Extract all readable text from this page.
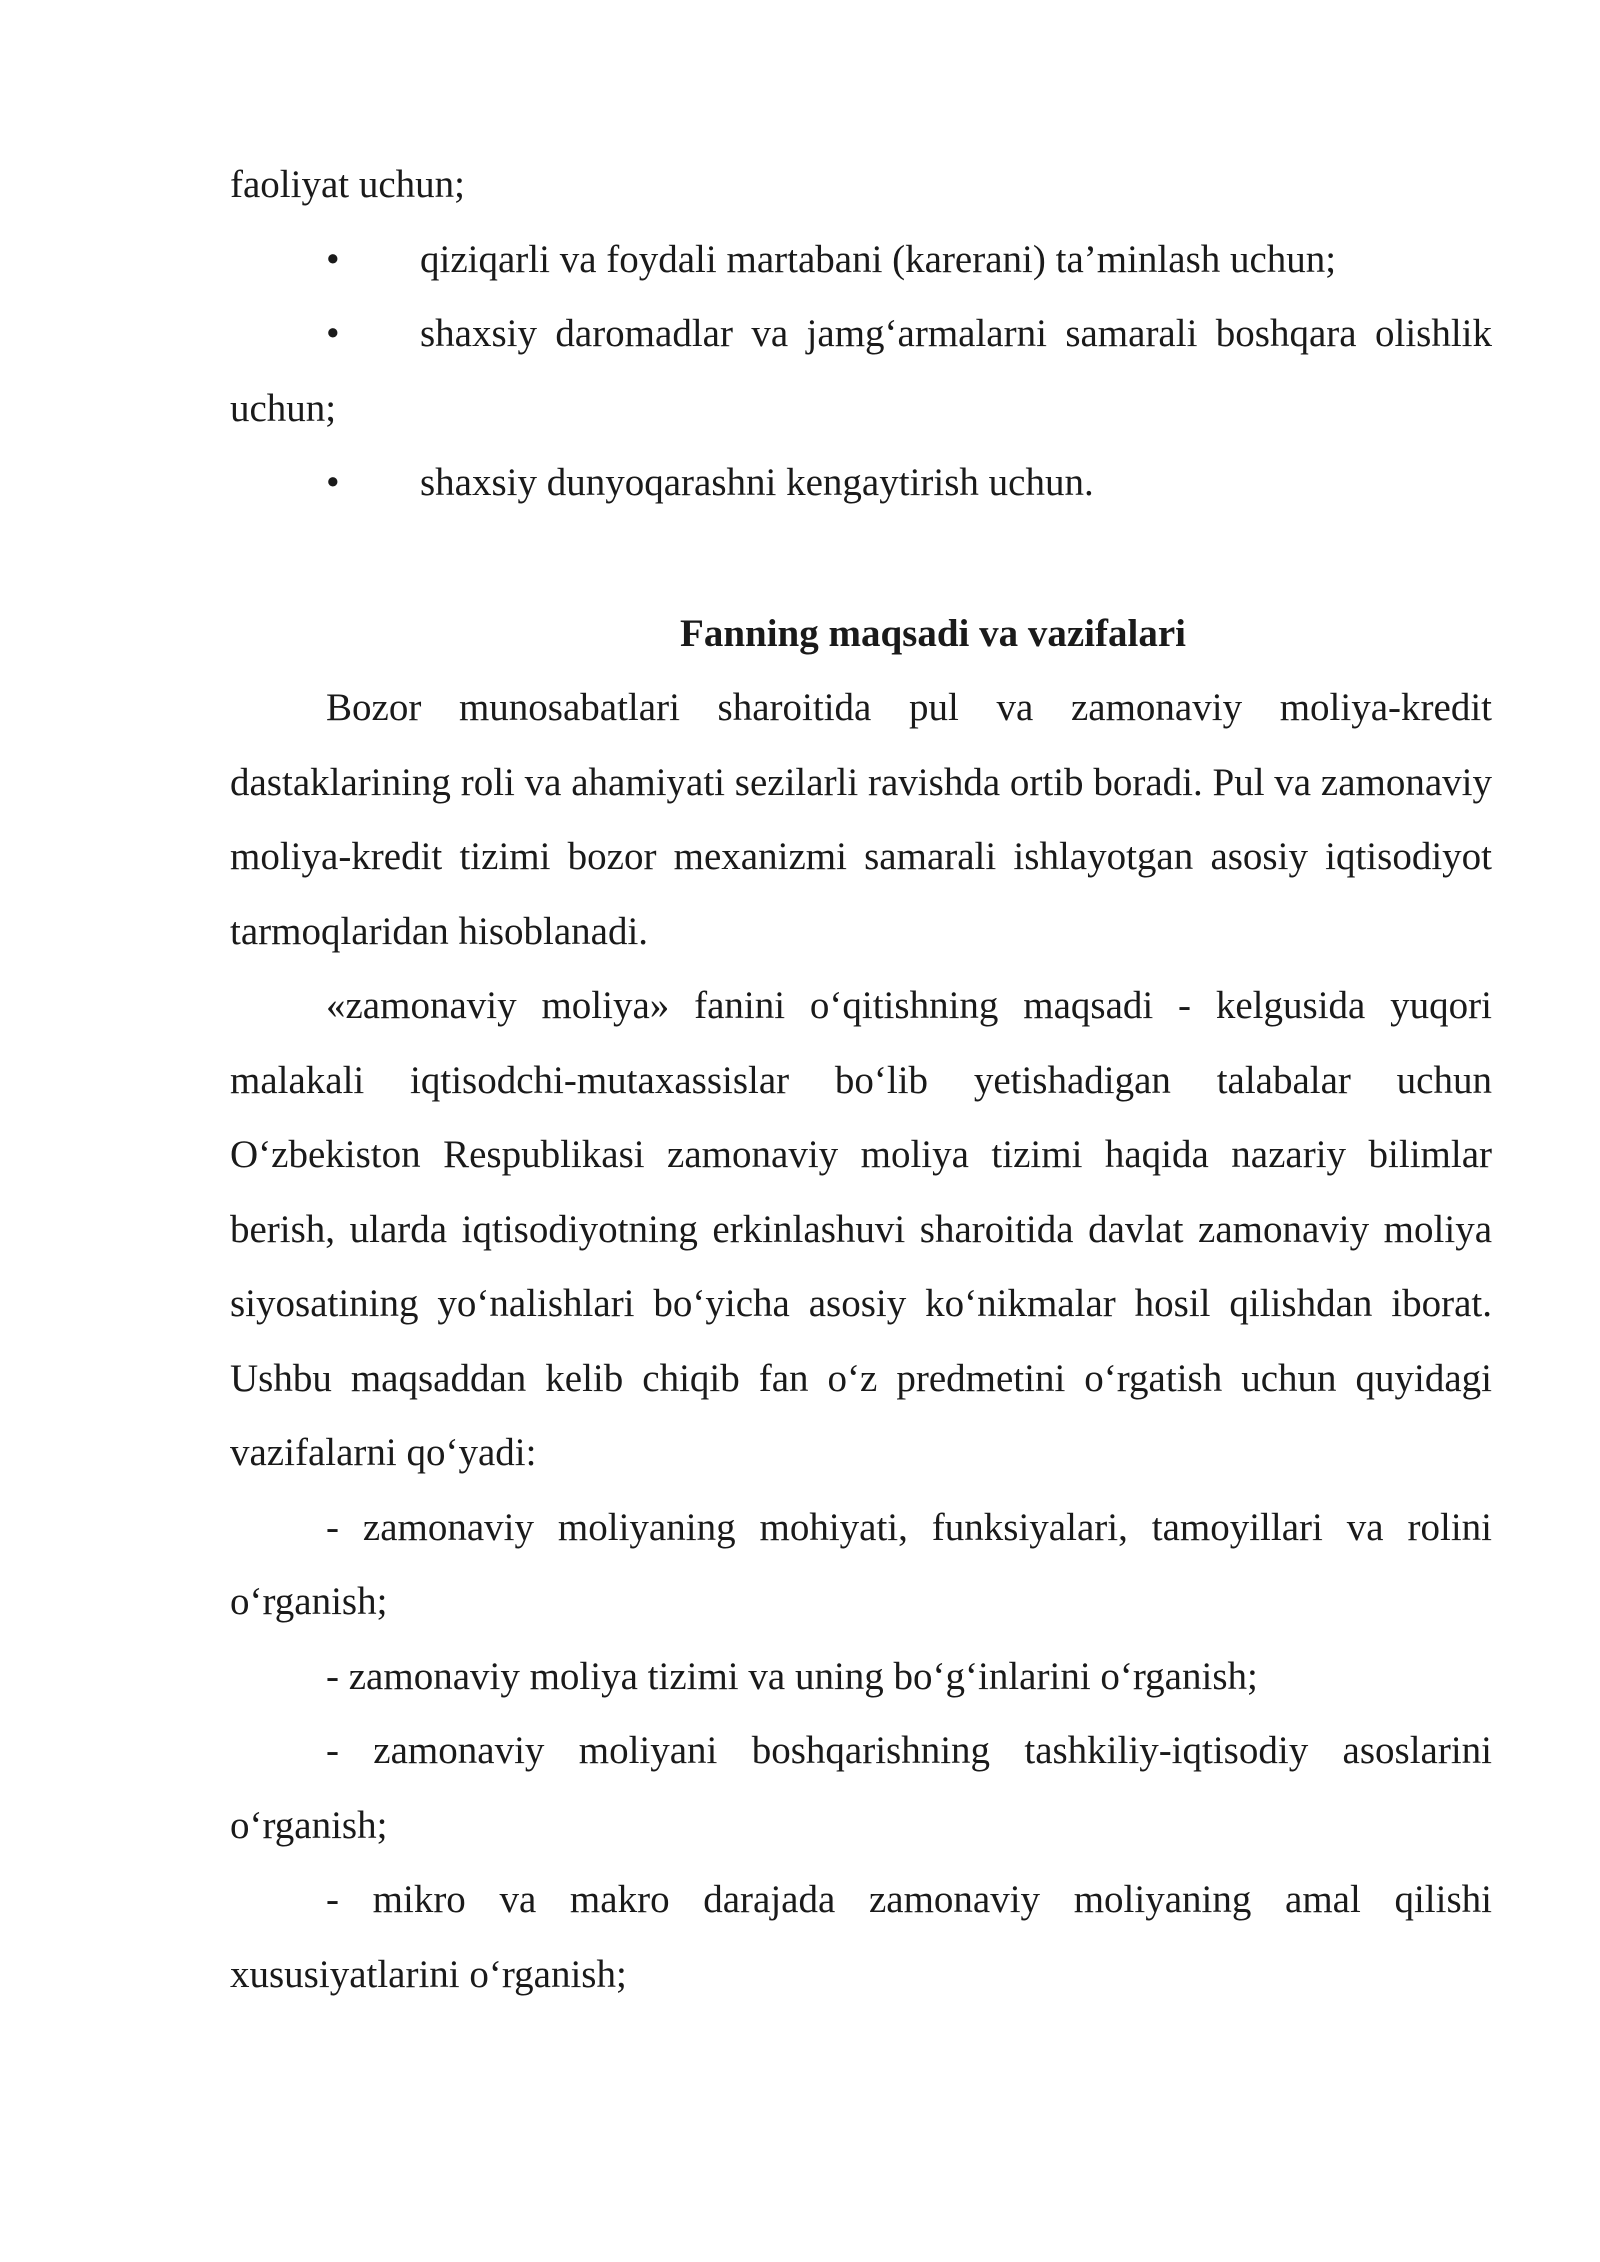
faoliyat uchun;

• qiziqarli va foydali martabani (karerani) ta’minlash uchun;

• shaxsiy daromadlar va jamg‘armalarni samarali boshqara olishlik uchun;

• shaxsiy dunyoqarashni kengaytirish uchun.

Fanning maqsadi va vazifalari

Bozor munosabatlari sharoitida pul va zamonaviy moliya-kredit dastaklarining roli va ahamiyati sezilarli ravishda ortib boradi. Pul va zamonaviy moliya-kredit tizimi bozor mexanizmi samarali ishlayotgan asosiy iqtisodiyot tarmoqlaridan hisoblanadi.

«zamonaviy moliya» fanini o‘qitishning maqsadi - kelgusida yuqori malakali iqtisodchi-mutaxassislar bo‘lib yetishadigan talabalar uchun O‘zbekiston Respublikasi zamonaviy moliya tizimi haqida nazariy bilimlar berish, ularda iqtisodiyotning erkinlashuvi sharoitida davlat zamonaviy moliya siyosatining yo‘nalishlari bo‘yicha asosiy ko‘nikmalar hosil qilishdan iborat. Ushbu maqsaddan kelib chiqib fan o‘z predmetini o‘rgatish uchun quyidagi vazifalarni qo‘yadi:

- zamonaviy moliyaning mohiyati, funksiyalari, tamoyillari va rolini o‘rganish;

- zamonaviy moliya tizimi va uning bo‘g‘inlarini o‘rganish;

- zamonaviy moliyani boshqarishning tashkiliy-iqtisodiy asoslarini o‘rganish;

- mikro va makro darajada zamonaviy moliyaning amal qilishi xususiyatlarini o‘rganish;
